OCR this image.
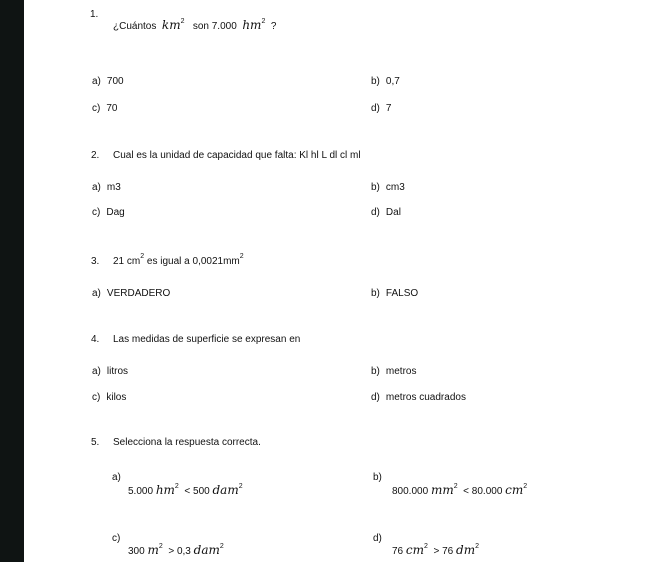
1.
¿Cuántos $km^2$ son 7.000 $hm^2$ ?
a) 700	b) 0,7
c) 70	d) 7
2. Cual es la unidad de capacidad que falta: Kl hl L dl cl ml
a) m3	b) cm3
c) Dag	d) Dal
3. 21 $cm^2$ es igual a $0,0021mm^2$
a) VERDADERO	b) FALSO
4. Las medidas de superficie se expresan en
a) litros	b) metros
c) kilos	d) metros cuadrados
5. Selecciona la respuesta correcta.
a)
5.000 $hm^2 < 500$ dam$^2$
b)
800.000 $mm^2 < 80.000$ $cm^2$
c)
300 $m^2 > 0,3$ dam$^2$
d)
76 $cm^2 > 76$ $dm^2$
